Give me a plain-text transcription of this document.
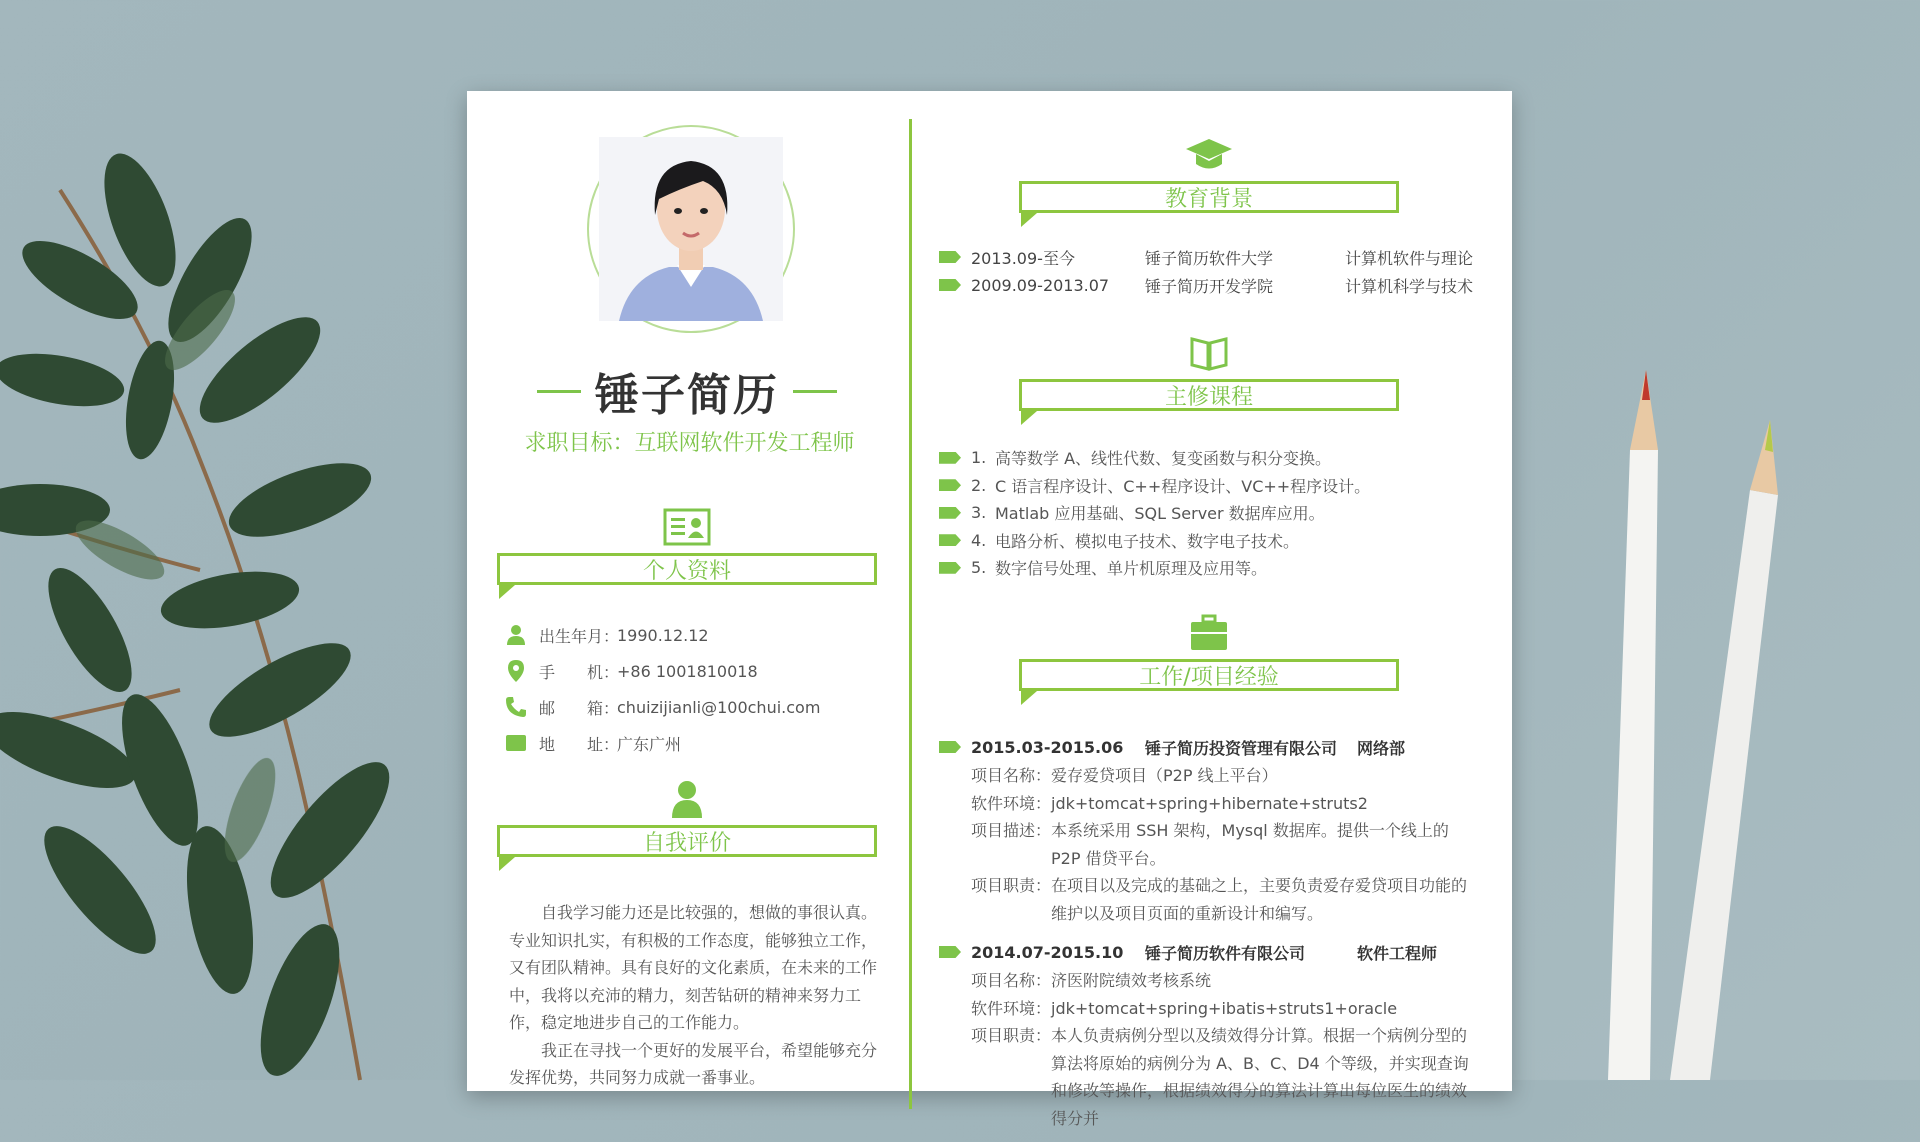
锤子简历
求职目标：互联网软件开发工程师
个人资料
出生年月：
1990.12.12
手　　机：
+86 1001810018
邮　　箱：
chuizijianli@100chui.com
地　　址：
广东广州
自我评价

自我学习能力还是比较强的，想做的事很认真。专业知识扎实，有积极的工作态度，能够独立工作，又有团队精神。具有良好的文化素质，在未来的工作中，我将以充沛的精力，刻苦钻研的精神来努力工作，稳定地进步自己的工作能力。

我正在寻找一个更好的发展平台，希望能够充分发挥优势，共同努力成就一番事业。

教育背景
2013.09-至今	锤子简历软件大学	计算机软件与理论
2009.09-2013.07	锤子简历开发学院	计算机科学与技术
主修课程
1. 高等数学 A、线性代数、复变函数与积分变换。
2. C 语言程序设计、C++程序设计、VC++程序设计。
3. Matlab 应用基础、SQL Server 数据库应用。
4. 电路分析、模拟电子技术、数字电子技术。
5. 数字信号处理、单片机原理及应用等。
工作/项目经验
2015.03-2015.06	锤子简历投资管理有限公司	网络部
项目名称： 爱存爱贷项目（P2P 线上平台）
软件环境： jdk+tomcat+spring+hibernate+struts2
项目描述： 本系统采用 SSH 架构，Mysql 数据库。提供一个线上的 P2P 借贷平台。
项目职责： 在项目以及完成的基础之上，主要负责爱存爱贷项目功能的维护以及项目页面的重新设计和编写。
2014.07-2015.10	锤子简历软件有限公司	软件工程师
项目名称： 济医附院绩效考核系统
软件环境： jdk+tomcat+spring+ibatis+struts1+oracle
项目职责： 本人负责病例分型以及绩效得分计算。根据一个病例分型的算法将原始的病例分为 A、B、C、D4 个等级，并实现查询和修改等操作，根据绩效得分的算法计算出每位医生的绩效得分并
